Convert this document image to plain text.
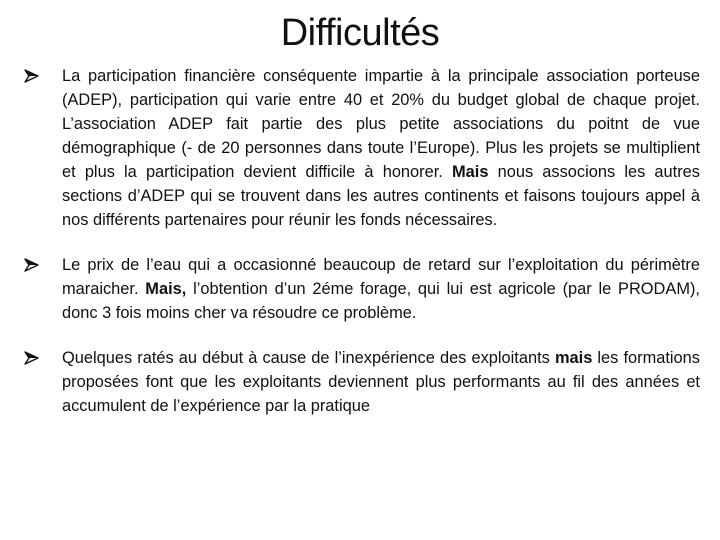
Difficultés
La participation financière conséquente impartie à la principale association porteuse (ADEP), participation qui varie entre 40 et 20% du budget global de chaque projet. L’association ADEP fait partie des plus petite associations du poitnt de vue démographique (- de 20 personnes dans toute l’Europe). Plus les projets se multiplient et plus la participation devient difficile à honorer. Mais nous associons les autres sections d’ADEP qui se trouvent dans les autres continents et faisons toujours appel à nos différents partenaires pour réunir les fonds nécessaires.
Le prix de l’eau qui a occasionné beaucoup de retard sur l’exploitation du périmètre maraicher. Mais, l’obtention d’un 2éme forage, qui lui est agricole (par le PRODAM), donc 3 fois moins cher va résoudre ce problème.
Quelques ratés au début à cause de l’inexpérience des exploitants mais les formations proposées font que les exploitants deviennent plus performants au fil des années et accumulent de l’expérience par la pratique
